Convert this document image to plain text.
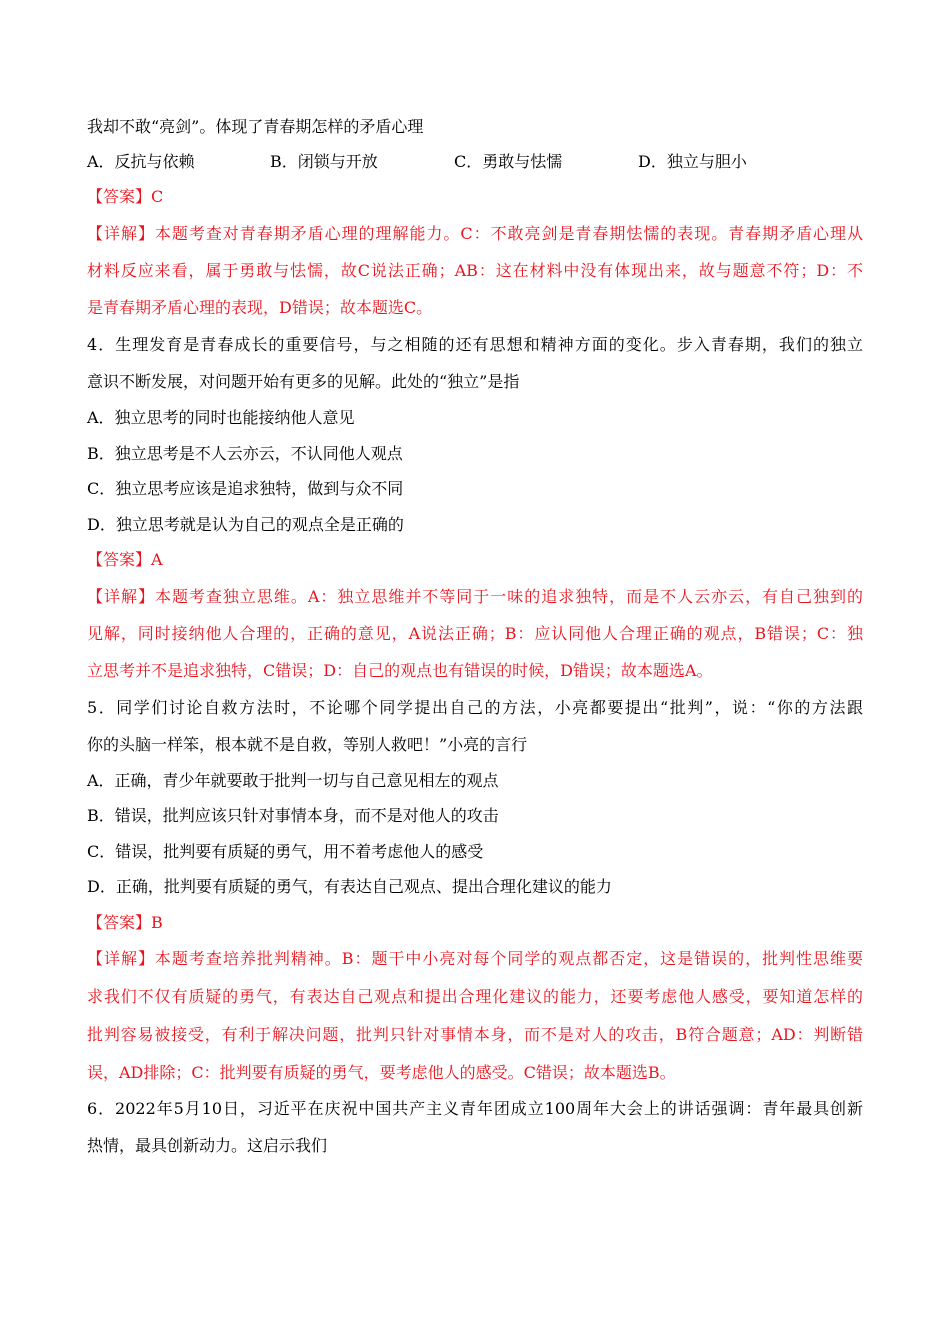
我却不敢“亮剑”。体现了青春期怎样的矛盾心理
A．反抗与依赖	B．闭锁与开放	C．勇敢与怯懦	D．独立与胆小
【答案】C
【详解】本题考查对青春期矛盾心理的理解能力。C：不敢亮剑是青春期怯懦的表现。青春期矛盾心理从
材料反应来看，属于勇敢与怯懦，故C说法正确；AB：这在材料中没有体现出来，故与题意不符；D：不
是青春期矛盾心理的表现，D错误；故本题选C。
4．生理发育是青春成长的重要信号，与之相随的还有思想和精神方面的变化。步入青春期，我们的独立
意识不断发展，对问题开始有更多的见解。此处的“独立”是指
A．独立思考的同时也能接纳他人意见
B．独立思考是不人云亦云，不认同他人观点
C．独立思考应该是追求独特，做到与众不同
D．独立思考就是认为自己的观点全是正确的
【答案】A
【详解】本题考查独立思维。A：独立思维并不等同于一味的追求独特，而是不人云亦云，有自己独到的
见解，同时接纳他人合理的，正确的意见，A说法正确；B：应认同他人合理正确的观点，B错误；C：独
立思考并不是追求独特，C错误；D：自己的观点也有错误的时候，D错误；故本题选A。
5．同学们讨论自救方法时，不论哪个同学提出自己的方法，小亮都要提出“批判”，说：“你的方法跟
你的头脑一样笨，根本就不是自救，等别人救吧！”小亮的言行
A．正确，青少年就要敢于批判一切与自己意见相左的观点
B．错误，批判应该只针对事情本身，而不是对他人的攻击
C．错误，批判要有质疑的勇气，用不着考虑他人的感受
D．正确，批判要有质疑的勇气，有表达自己观点、提出合理化建议的能力
【答案】B
【详解】本题考查培养批判精神。B：题干中小亮对每个同学的观点都否定，这是错误的，批判性思维要
求我们不仅有质疑的勇气，有表达自己观点和提出合理化建议的能力，还要考虑他人感受，要知道怎样的
批判容易被接受，有利于解决问题，批判只针对事情本身，而不是对人的攻击，B符合题意；AD：判断错
误，AD排除；C：批判要有质疑的勇气，要考虑他人的感受。C错误；故本题选B。
6．2022年5月10日，习近平在庆祝中国共产主义青年团成立100周年大会上的讲话强调：青年最具创新
热情，最具创新动力。这启示我们
